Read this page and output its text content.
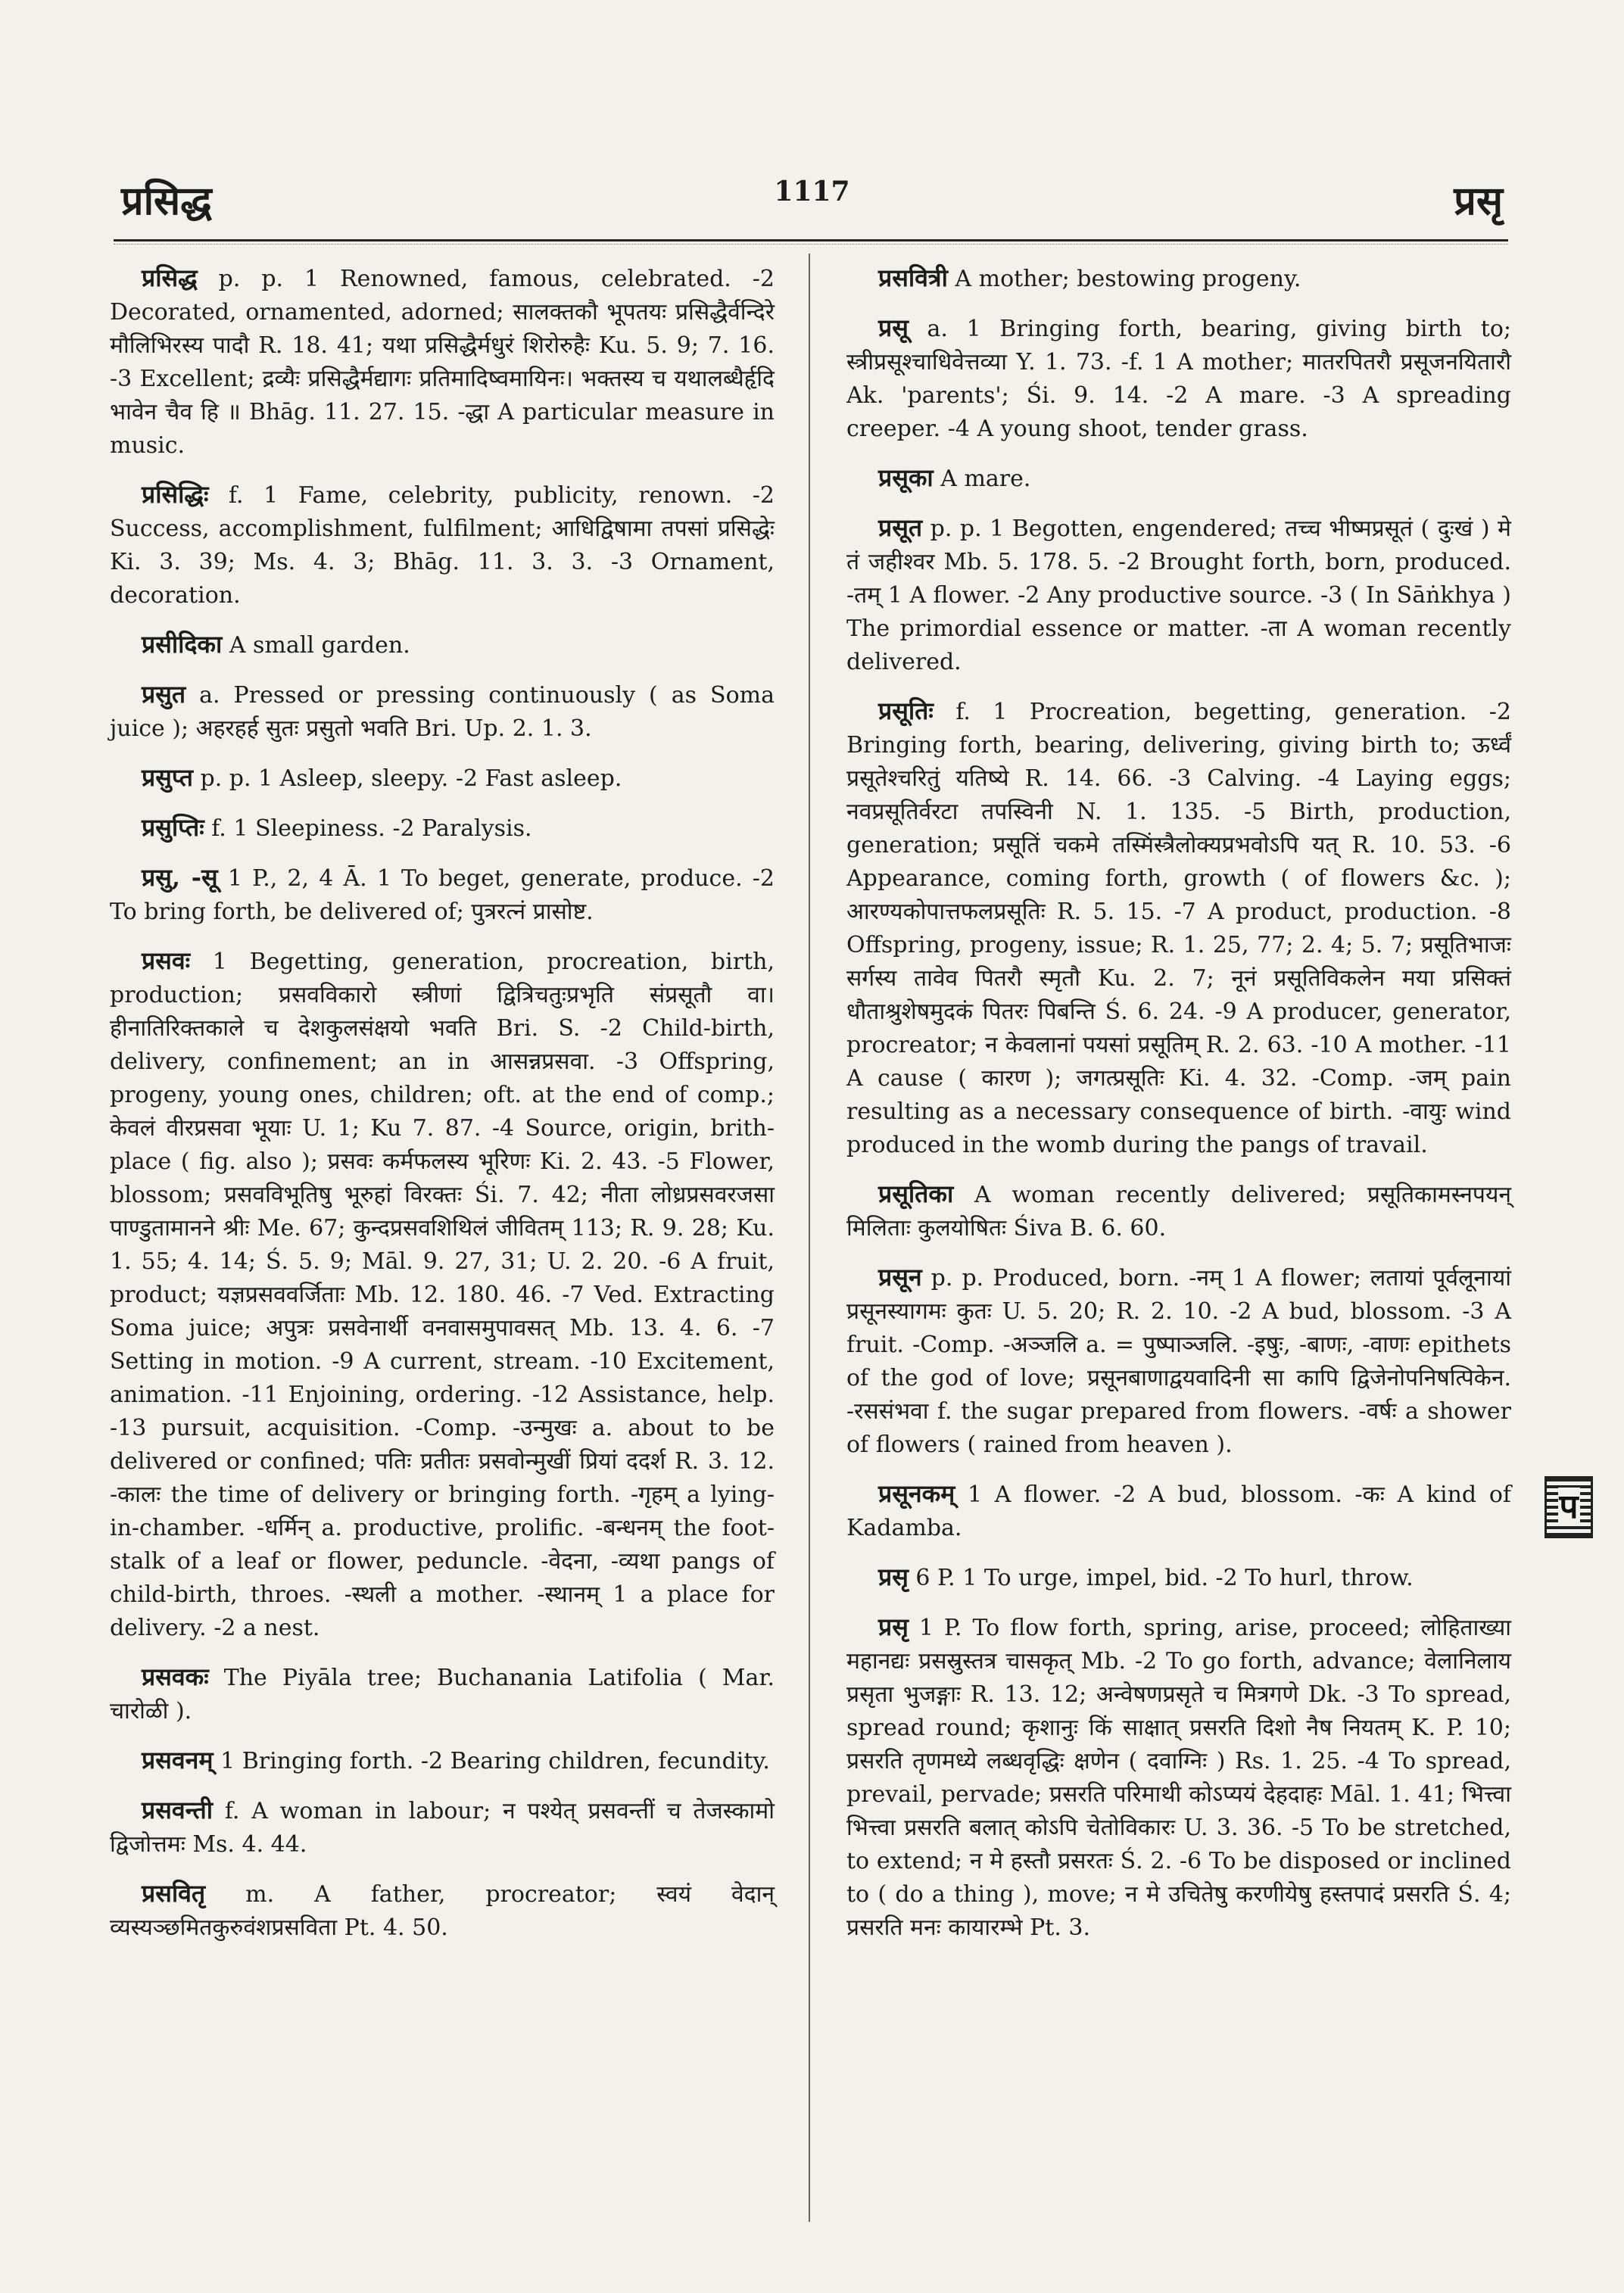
प्रसिद्ध	1117	प्रसृ

प्रसिद्ध p. p. 1 Renowned, famous, celebrated. -2 Decorated, ornamented, adorned; सालक्तकौ भूपतयः प्रसिद्धैर्वन्दिरे मौलिभिरस्य पादौ R. 18. 41; यथा प्रसिद्धैर्मधुरं शिरोरुहैः Ku. 5. 9; 7. 16. -3 Excellent; द्रव्यैः प्रसिद्धैर्मद्यागः प्रतिमादिष्वमायिनः। भक्तस्य च यथालब्धैर्हृदि भावेन चैव हि ॥ Bhāg. 11. 27. 15. -द्धा A particular measure in music.

प्रसिद्धिः f. 1 Fame, celebrity, publicity, renown. -2 Success, accomplishment, fulfilment; आधिद्विषामा तपसां प्रसिद्धेः Ki. 3. 39; Ms. 4. 3; Bhāg. 11. 3. 3. -3 Ornament, decoration.

प्रसीदिका A small garden.

प्रसुत a. Pressed or pressing continuously ( as Soma juice ); अहरहर्ह सुतः प्रसुतो भवति Bri. Up. 2. 1. 3.

प्रसुप्त p. p. 1 Asleep, sleepy. -2 Fast asleep.

प्रसुप्तिः f. 1 Sleepiness. -2 Paralysis.

प्रसु, -सू 1 P., 2, 4 Ā. 1 To beget, generate, produce. -2 To bring forth, be delivered of; पुत्ररत्नं प्रासोष्ट.

प्रसवः 1 Begetting, generation, procreation, birth, production; प्रसवविकारो स्त्रीणां द्वित्रिचतुःप्रभृति संप्रसूतौ वा। हीनातिरिक्तकाले च देशकुलसंक्षयो भवति Bri. S. -2 Child-birth, delivery, confinement; an in आसन्नप्रसवा. -3 Offspring, progeny, young ones, children; oft. at the end of comp.; केवलं वीरप्रसवा भूयाः U. 1; Ku 7. 87. -4 Source, origin, brith-place ( fig. also ); प्रसवः कर्मफलस्य भूरिणः Ki. 2. 43. -5 Flower, blossom; प्रसवविभूतिषु भूरुहां विरक्तः Śi. 7. 42; नीता लोध्रप्रसवरजसा पाण्डुतामानने श्रीः Me. 67; कुन्दप्रसवशिथिलं जीवितम् 113; R. 9. 28; Ku. 1. 55; 4. 14; Ś. 5. 9; Māl. 9. 27, 31; U. 2. 20. -6 A fruit, product; यज्ञप्रसववर्जिताः Mb. 12. 180. 46. -7 Ved. Extracting Soma juice; अपुत्रः प्रसवेनार्थी वनवासमुपावसत् Mb. 13. 4. 6. -7 Setting in motion. -9 A current, stream. -10 Excitement, animation. -11 Enjoining, ordering. -12 Assistance, help. -13 pursuit, acquisition. -Comp. -उन्मुखः a. about to be delivered or confined; पतिः प्रतीतः प्रसवोन्मुखीं प्रियां ददर्श R. 3. 12. -कालः the time of delivery or bringing forth. -गृहम् a lying-in-chamber. -धर्मिन् a. productive, prolific. -बन्धनम् the foot-stalk of a leaf or flower, peduncle. -वेदना, -व्यथा pangs of child-birth, throes. -स्थली a mother. -स्थानम् 1 a place for delivery. -2 a nest.

प्रसवकः The Piyāla tree; Buchanania Latifolia ( Mar. चारोळी ).

प्रसवनम् 1 Bringing forth. -2 Bearing children, fecundity.

प्रसवन्ती f. A woman in labour; न पश्येत् प्रसवन्तीं च तेजस्कामो द्विजोत्तमः Ms. 4. 44.

प्रसवितृ m. A father, procreator; स्वयं वेदान् व्यस्यञ्छमितकुरुवंशप्रसविता Pt. 4. 50.

प्रसवित्री A mother; bestowing progeny.

प्रसू a. 1 Bringing forth, bearing, giving birth to; स्त्रीप्रसूश्चाधिवेत्तव्या Y. 1. 73. -f. 1 A mother; मातरपितरौ प्रसूजनयितारौ Ak. 'parents'; Śi. 9. 14. -2 A mare. -3 A spreading creeper. -4 A young shoot, tender grass.

प्रसूका A mare.

प्रसूत p. p. 1 Begotten, engendered; तच्च भीष्मप्रसूतं ( दुःखं ) मे तं जहीश्वर Mb. 5. 178. 5. -2 Brought forth, born, produced. -तम् 1 A flower. -2 Any productive source. -3 ( In Sāṅkhya ) The primordial essence or matter. -ता A woman recently delivered.

प्रसूतिः f. 1 Procreation, begetting, generation. -2 Bringing forth, bearing, delivering, giving birth to; ऊर्ध्वं प्रसूतेश्चरितुं यतिष्ये R. 14. 66. -3 Calving. -4 Laying eggs; नवप्रसूतिर्वरटा तपस्विनी N. 1. 135. -5 Birth, production, generation; प्रसूतिं चकमे तस्मिंस्त्रैलोक्यप्रभवोऽपि यत् R. 10. 53. -6 Appearance, coming forth, growth ( of flowers &c. ); आरण्यकोपात्तफलप्रसूतिः R. 5. 15. -7 A product, production. -8 Offspring, progeny, issue; R. 1. 25, 77; 2. 4; 5. 7; प्रसूतिभाजः सर्गस्य तावेव पितरौ स्मृतौ Ku. 2. 7; नूनं प्रसूतिविकलेन मया प्रसिक्तं धौताश्रुशेषमुदकं पितरः पिबन्ति Ś. 6. 24. -9 A producer, generator, procreator; न केवलानां पयसां प्रसूतिम् R. 2. 63. -10 A mother. -11 A cause ( कारण ); जगत्प्रसूतिः Ki. 4. 32. -Comp. -जम् pain resulting as a necessary consequence of birth. -वायुः wind produced in the womb during the pangs of travail.

प्रसूतिका A woman recently delivered; प्रसूतिकामस्नपयन् मिलिताः कुलयोषितः Śiva B. 6. 60.

प्रसून p. p. Produced, born. -नम् 1 A flower; लतायां पूर्वलूनायां प्रसूनस्यागमः कुतः U. 5. 20; R. 2. 10. -2 A bud, blossom. -3 A fruit. -Comp. -अञ्जलि a. = पुष्पाञ्जलि. -इषुः, -बाणः, -वाणः epithets of the god of love; प्रसूनबाणाद्वयवादिनी सा कापि द्विजेनोपनिषत्पिकेन. -रससंभवा f. the sugar prepared from flowers. -वर्षः a shower of flowers ( rained from heaven ).

प्रसूनकम् 1 A flower. -2 A bud, blossom. -कः A kind of Kadamba.

प्रसृ 6 P. 1 To urge, impel, bid. -2 To hurl, throw.

प्रसृ 1 P. To flow forth, spring, arise, proceed; लोहिताख्या महानद्यः प्रसस्रुस्तत्र चासकृत् Mb. -2 To go forth, advance; वेलानिलाय प्रसृता भुजङ्गाः R. 13. 12; अन्वेषणप्रसृते च मित्रगणे Dk. -3 To spread, spread round; कृशानुः किं साक्षात् प्रसरति दिशो नैष नियतम् K. P. 10; प्रसरति तृणमध्ये लब्धवृद्धिः क्षणेन ( दवाग्निः ) Rs. 1. 25. -4 To spread, prevail, pervade; प्रसरति परिमाथी कोऽप्ययं देहदाहः Māl. 1. 41; भित्त्वा भित्त्वा प्रसरति बलात् कोऽपि चेतोविकारः U. 3. 36. -5 To be stretched, to extend; न मे हस्तौ प्रसरतः Ś. 2. -6 To be disposed or inclined to ( do a thing ), move; न मे उचितेषु करणीयेषु हस्तपादं प्रसरति Ś. 4; प्रसरति मनः कायारम्भे Pt. 3.

प
